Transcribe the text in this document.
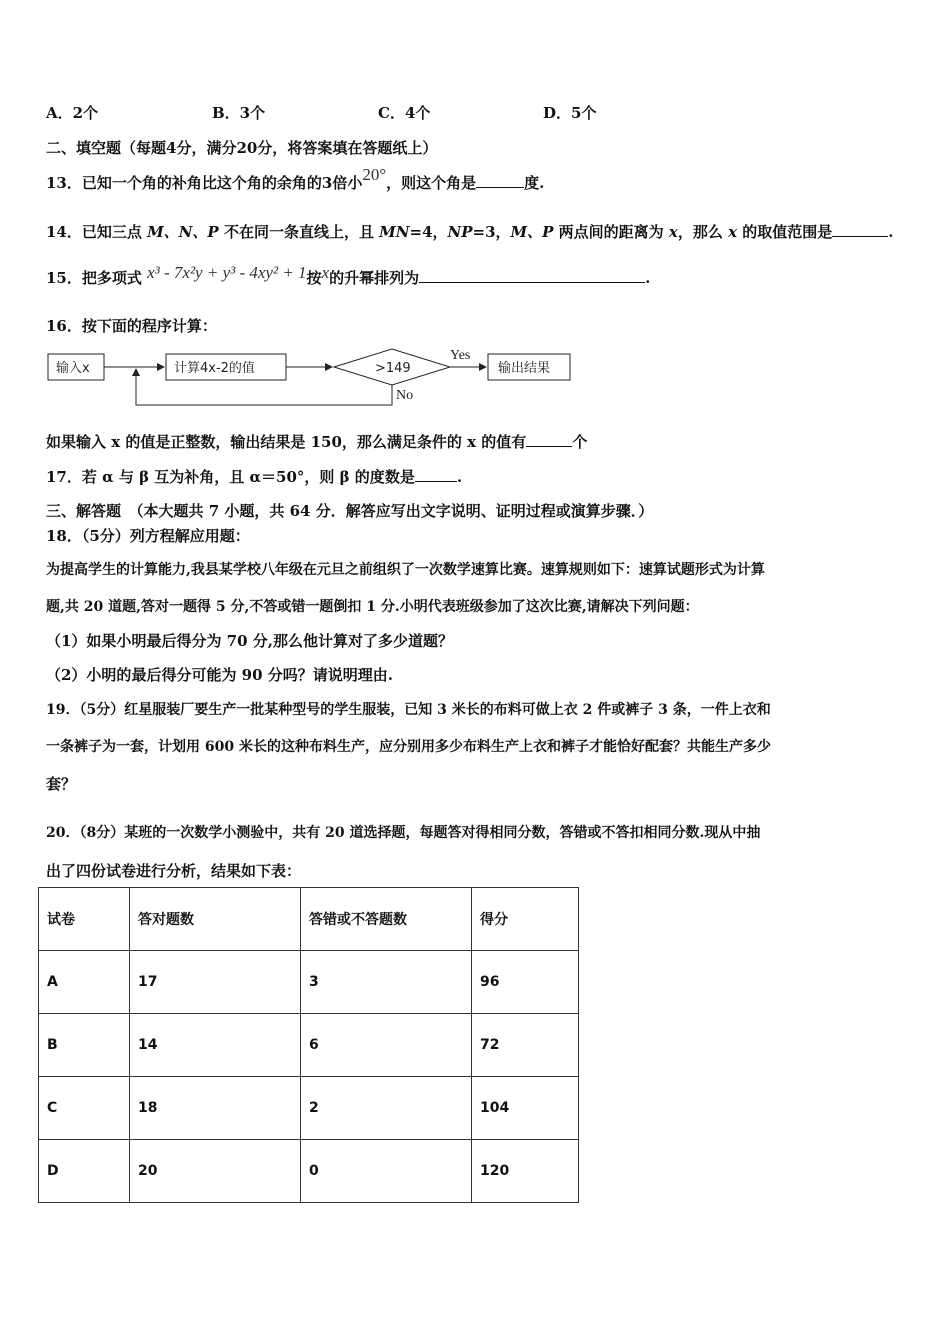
A．2个	B．3个	C．4个	D．5个
二、填空题（每题4分，满分20分，将答案填在答题纸上）
13．已知一个角的补角比这个角的余角的3倍小20°，则这个角是	度.
14．已知三点 M、N、P 不在同一条直线上，且 MN=4，NP=3，M、P 两点间的距离为 x，那么 x 的取值范围是	.
15．把多项式 x³ - 7x²y + y³ - 4xy² + 1按x的升幂排列为	.
16．按下面的程序计算：
输入x	计算4x-2的值	>149
Yes
输出结果
No
如果输入 x 的值是正整数，输出结果是 150，那么满足条件的 x 的值有	个
17．若 α 与 β 互为补角，且 α＝50°，则 β 的度数是	.
三、解答题　（本大题共 7 小题，共 64 分．解答应写出文字说明、证明过程或演算步骤．）
18．（5分）列方程解应用题：
为提高学生的计算能力,我县某学校八年级在元旦之前组织了一次数学速算比赛。速算规则如下：速算试题形式为计算
题,共 20 道题,答对一题得 5 分,不答或错一题倒扣 1 分.小明代表班级参加了这次比赛,请解决下列问题：
（1）如果小明最后得分为 70 分,那么他计算对了多少道题？
（2）小明的最后得分可能为 90 分吗？请说明理由.
19．（5分）红星服装厂要生产一批某种型号的学生服装，已知 3 米长的布料可做上衣 2 件或裤子 3 条，一件上衣和
一条裤子为一套，计划用 600 米长的这种布料生产，应分别用多少布料生产上衣和裤子才能恰好配套？共能生产多少
套？
20．（8分）某班的一次数学小测验中，共有 20 道选择题，每题答对得相同分数，答错或不答扣相同分数.现从中抽
出了四份试卷进行分析，结果如下表：
试卷	答对题数	答错或不答题数	得分
A	17	3	96
B	14	6	72
C	18	2	104
D	20	0	120
